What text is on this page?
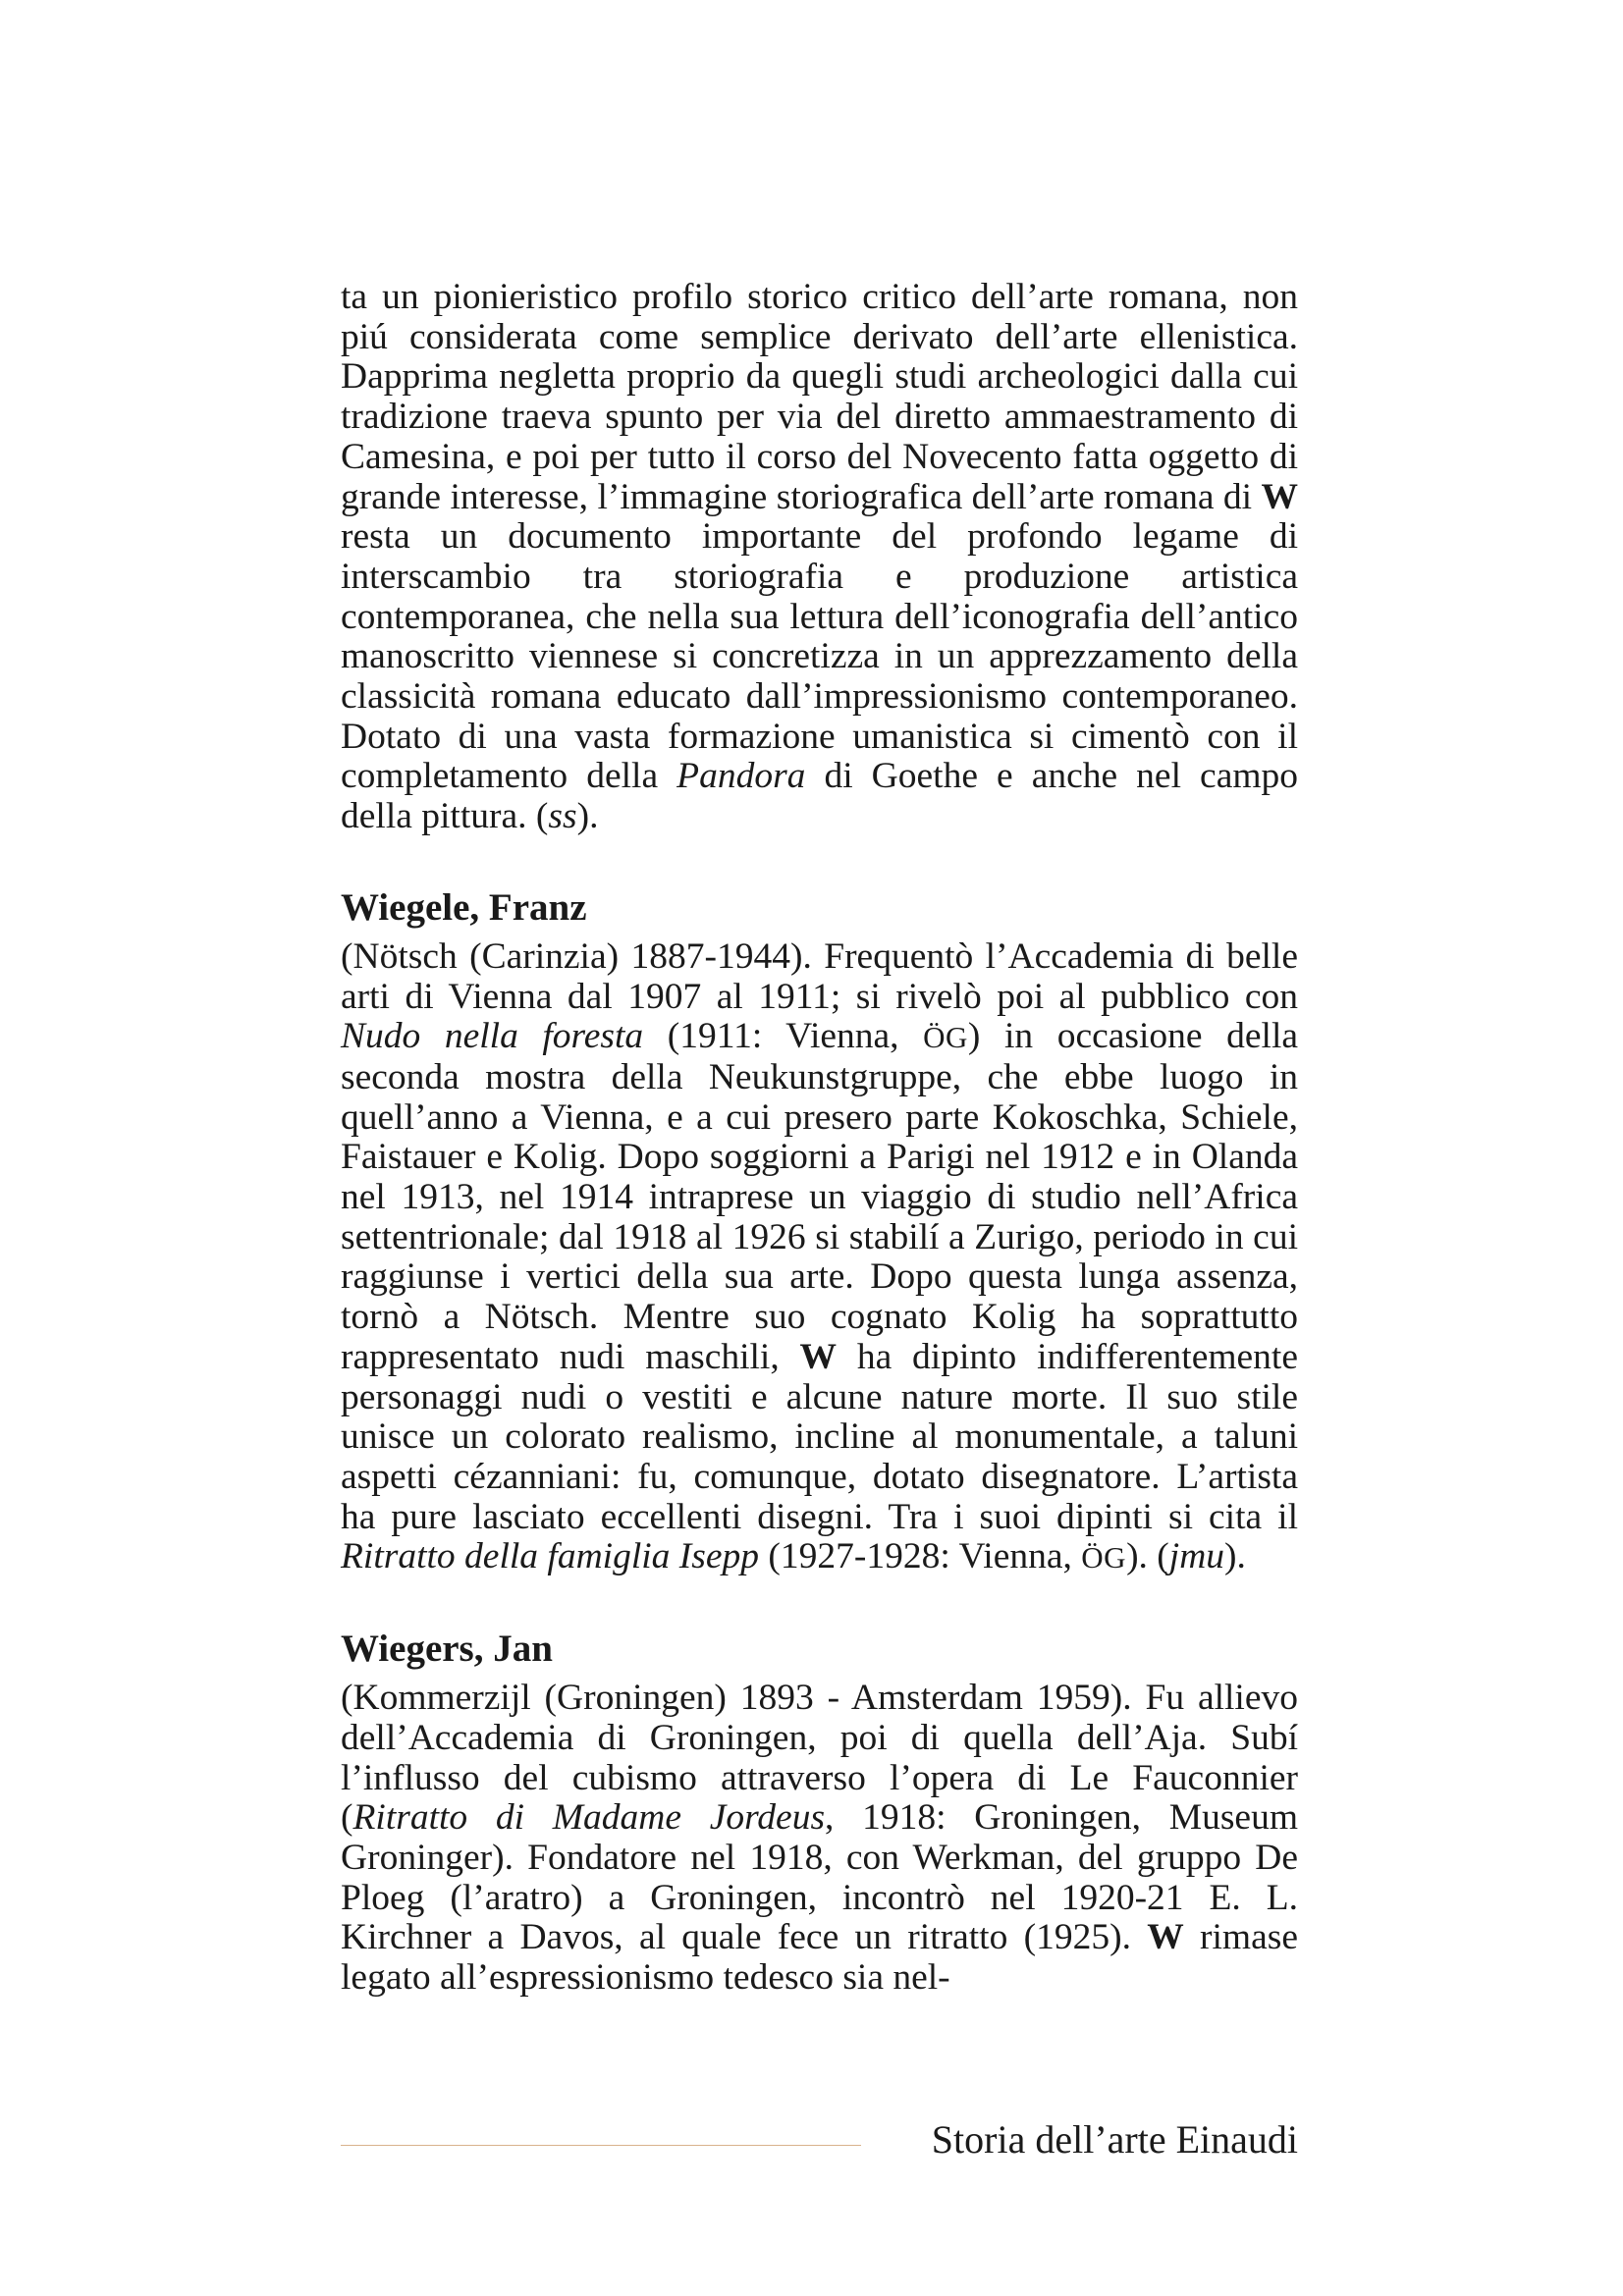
ta un pionieristico profilo storico critico dell’arte romana, non piú considerata come semplice derivato dell’arte ellenistica. Dapprima negletta proprio da quegli studi archeologici dalla cui tradizione traeva spunto per via del diretto ammaestramento di Camesina, e poi per tutto il corso del Novecento fatta oggetto di grande interesse, l’immagine storiografica dell’arte romana di W resta un documento importante del profondo legame di interscambio tra storiografia e produzione artistica contemporanea, che nella sua lettura dell’iconografia dell’antico manoscritto viennese si concretizza in un apprezzamento della classicità romana educato dall’impressionismo contemporaneo. Dotato di una vasta formazione umanistica si cimentò con il completamento della Pandora di Goethe e anche nel campo della pittura. (ss).

Wiegele, Franz

(Nötsch (Carinzia) 1887-1944). Frequentò l’Accademia di belle arti di Vienna dal 1907 al 1911; si rivelò poi al pubblico con Nudo nella foresta (1911: Vienna, ÖG) in occasione della seconda mostra della Neukunstgruppe, che ebbe luogo in quell’anno a Vienna, e a cui presero parte Kokoschka, Schiele, Faistauer e Kolig. Dopo soggiorni a Parigi nel 1912 e in Olanda nel 1913, nel 1914 intraprese un viaggio di studio nell’Africa settentrionale; dal 1918 al 1926 si stabilí a Zurigo, periodo in cui raggiunse i vertici della sua arte. Dopo questa lunga assenza, tornò a Nötsch. Mentre suo cognato Kolig ha soprattutto rappresentato nudi maschili, W ha dipinto indifferentemente personaggi nudi o vestiti e alcune nature morte. Il suo stile unisce un colorato realismo, incline al monumentale, a taluni aspetti cézanniani: fu, comunque, dotato disegnatore. L’artista ha pure lasciato eccellenti disegni. Tra i suoi dipinti si cita il Ritratto della famiglia Isepp (1927-1928: Vienna, ÖG). (jmu).

Wiegers, Jan

(Kommerzijl (Groningen) 1893 - Amsterdam 1959). Fu allievo dell’Accademia di Groningen, poi di quella dell’Aja. Subí l’influsso del cubismo attraverso l’opera di Le Fauconnier (Ritratto di Madame Jordeus, 1918: Groningen, Museum Groninger). Fondatore nel 1918, con Werkman, del gruppo De Ploeg (l’aratro) a Groningen, incontrò nel 1920-21 E. L. Kirchner a Davos, al quale fece un ritratto (1925). W rimase legato all’espressionismo tedesco sia nel-

Storia dell’arte Einaudi
